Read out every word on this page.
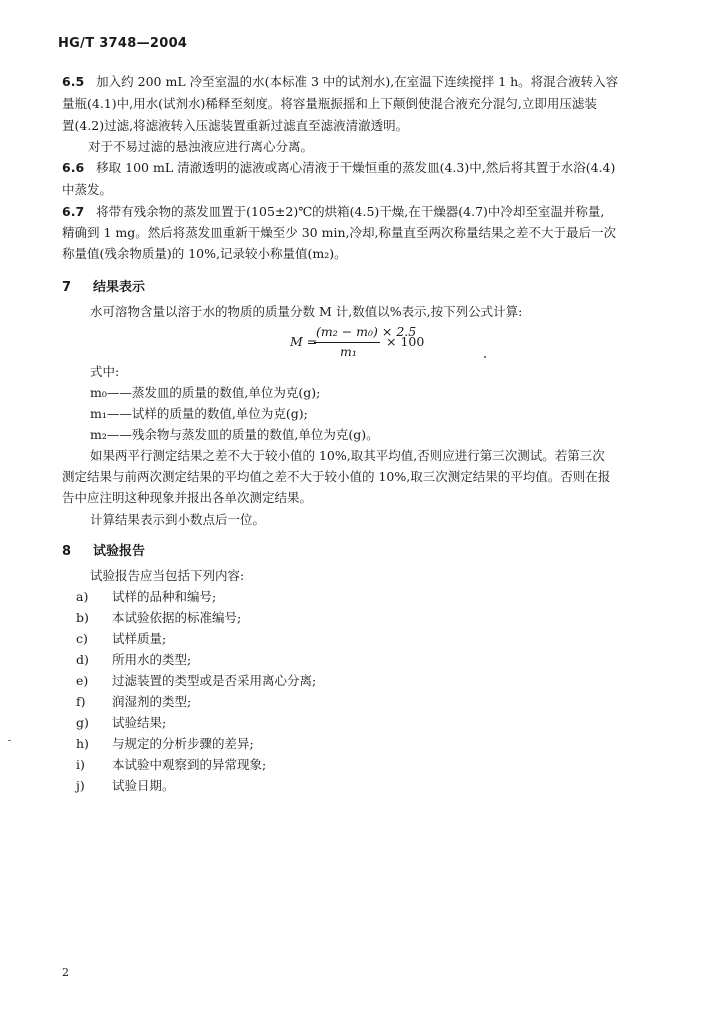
HG/T 3748—2004
6.5 加入约 200 mL 冷至室温的水(本标准 3 中的试剂水),在室温下连续搅拌 1 h。将混合液转入容
量瓶(4.1)中,用水(试剂水)稀释至刻度。将容量瓶振摇和上下颠倒使混合液充分混匀,立即用压滤装
置(4.2)过滤,将滤液转入压滤装置重新过滤直至滤液清澈透明。
对于不易过滤的悬浊液应进行离心分离。
6.6 移取 100 mL 清澈透明的滤液或离心清液于干燥恒重的蒸发皿(4.3)中,然后将其置于水浴(4.4)
中蒸发。
6.7 将带有残余物的蒸发皿置于(105±2)℃的烘箱(4.5)干燥,在干燥器(4.7)中冷却至室温并称量,
精确到 1 mg。然后将蒸发皿重新干燥至少 30 min,冷却,称量直至两次称量结果之差不大于最后一次
称量值(残余物质量)的 10%,记录较小称量值(m₂)。
7 结果表示
水可溶物含量以溶于水的物质的质量分数 M 计,数值以%表示,按下列公式计算:
M =
(m₂ − m₀) × 2.5
m₁
× 100
式中:
m₀——蒸发皿的质量的数值,单位为克(g);
m₁——试样的质量的数值,单位为克(g);
m₂——残余物与蒸发皿的质量的数值,单位为克(g)。
如果两平行测定结果之差不大于较小值的 10%,取其平均值,否则应进行第三次测试。若第三次
测定结果与前两次测定结果的平均值之差不大于较小值的 10%,取三次测定结果的平均值。否则在报
告中应注明这种现象并报出各单次测定结果。
计算结果表示到小数点后一位。
8 试验报告
试验报告应当包括下列内容:
a) 试样的品种和编号;
b) 本试验依据的标准编号;
c) 试样质量;
d) 所用水的类型;
e) 过滤装置的类型或是否采用离心分离;
f) 润湿剂的类型;
g) 试验结果;
h) 与规定的分析步骤的差异;
i) 本试验中观察到的异常现象;
j) 试验日期。
2
